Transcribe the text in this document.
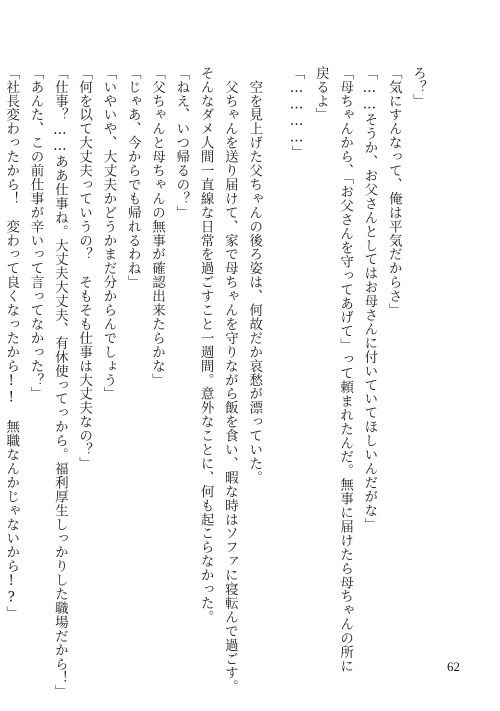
ろ？」
「気にすんなって、俺は平気だからさ」
「……そうか、お父さんとしてはお母さんに付いていてほしいんだがな」
「母ちゃんから、「お父さんを守ってあげて」って頼まれたんだ。無事に届けたら母ちゃんの所に
戻るよ」
「…………」
　空を見上げた父ちゃんの後ろ姿は、何故だか哀愁が漂っていた。
　父ちゃんを送り届けて、家で母ちゃんを守りながら飯を食い、暇な時はソファに寝転んで過ごす。
そんなダメ人間一直線な日常を過ごすこと一週間。意外なことに、何も起こらなかった。
「ねえ、いつ帰るの？」
「父ちゃんと母ちゃんの無事が確認出来たらかな」
「じゃあ、今からでも帰れるわね」
「いやいや、大丈夫かどうかまだ分からんでしょう」
「何を以て大丈夫っていうの？　そもそも仕事は大丈夫なの？」
「仕事？……ああ仕事ね。大丈夫大丈夫、有休使ってっから。福利厚生しっかりした職場だから！」
「あんた、この前仕事が辛いって言ってなかった？」
「社長変わったから！　変わって良くなったから!!　無職なんかじゃないから!?」
62
